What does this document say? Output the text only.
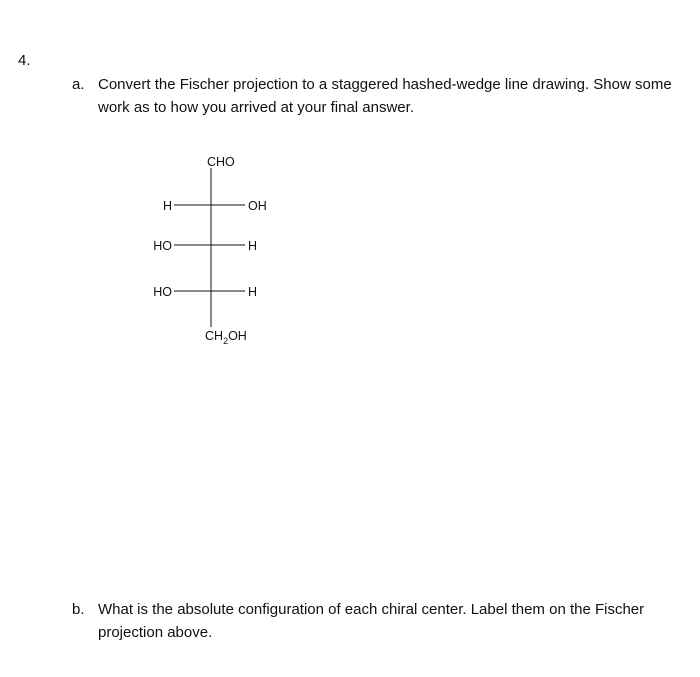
4.
a. Convert the Fischer projection to a staggered hashed-wedge line drawing. Show some work as to how you arrived at your final answer.
CHO
H	OH
HO	H
HO	H
$CH_2OH$
b. What is the absolute configuration of each chiral center. Label them on the Fischer projection above.
